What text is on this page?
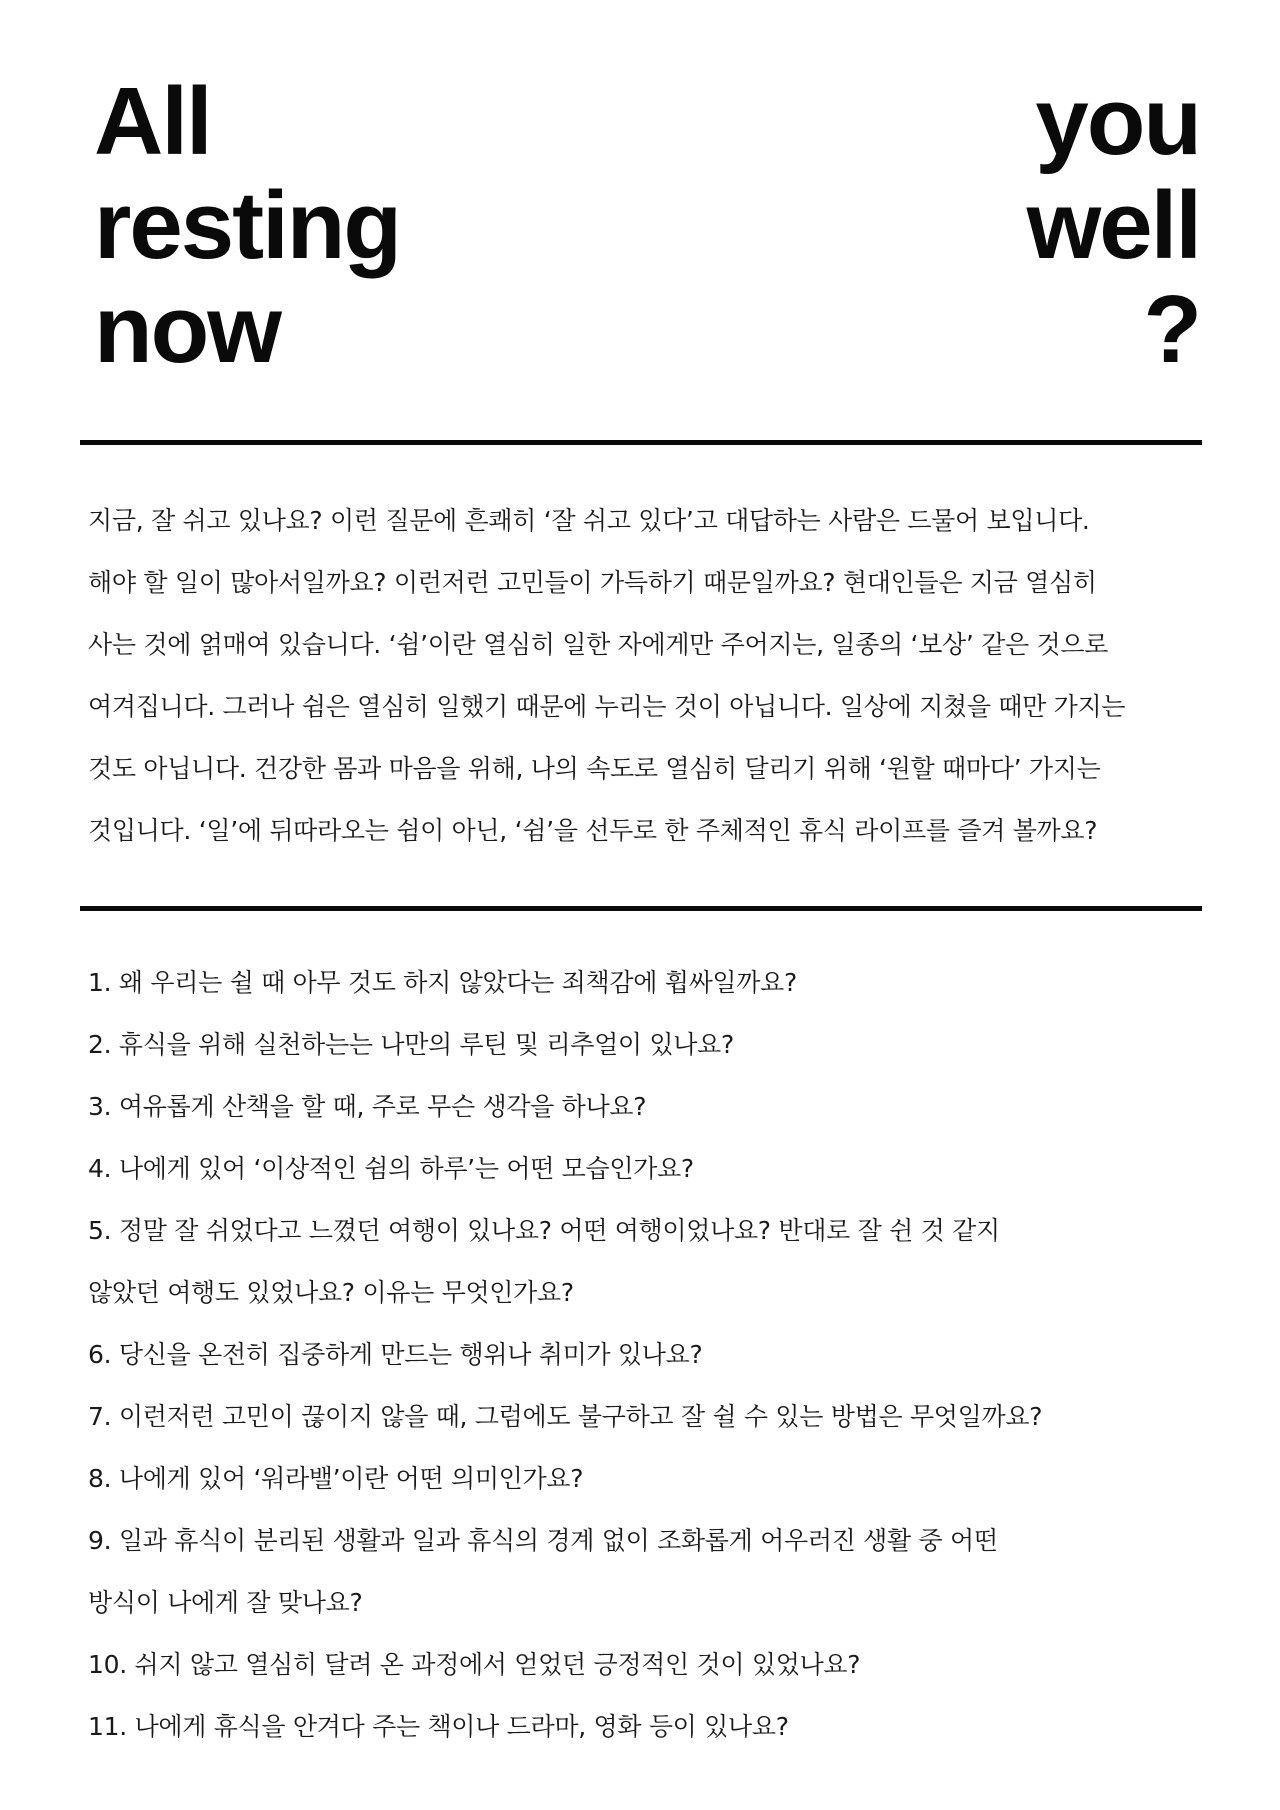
All
resting
now
you
well
?
지금, 잘 쉬고 있나요? 이런 질문에 흔쾌히 ‘잘 쉬고 있다’고 대답하는 사람은 드물어 보입니다.
해야 할 일이 많아서일까요? 이런저런 고민들이 가득하기 때문일까요? 현대인들은 지금 열심히
사는 것에 얽매여 있습니다. ‘쉼’이란 열심히 일한 자에게만 주어지는, 일종의 ‘보상’ 같은 것으로
여겨집니다. 그러나 쉼은 열심히 일했기 때문에 누리는 것이 아닙니다. 일상에 지쳤을 때만 가지는
것도 아닙니다. 건강한 몸과 마음을 위해, 나의 속도로 열심히 달리기 위해 ‘원할 때마다’ 가지는
것입니다. ‘일’에 뒤따라오는 쉼이 아닌, ‘쉼’을 선두로 한 주체적인 휴식 라이프를 즐겨 볼까요?
1. 왜 우리는 쉴 때 아무 것도 하지 않았다는 죄책감에 휩싸일까요?
2. 휴식을 위해 실천하는는 나만의 루틴 및 리추얼이 있나요?
3. 여유롭게 산책을 할 때, 주로 무슨 생각을 하나요?
4. 나에게 있어 ‘이상적인 쉼의 하루’는 어떤 모습인가요?
5. 정말 잘 쉬었다고 느꼈던 여행이 있나요? 어떤 여행이었나요? 반대로 잘 쉰 것 같지
않았던 여행도 있었나요? 이유는 무엇인가요?
6. 당신을 온전히 집중하게 만드는 행위나 취미가 있나요?
7. 이런저런 고민이 끊이지 않을 때, 그럼에도 불구하고 잘 쉴 수 있는 방법은 무엇일까요?
8. 나에게 있어 ‘워라밸’이란 어떤 의미인가요?
9. 일과 휴식이 분리된 생활과 일과 휴식의 경계 없이 조화롭게 어우러진 생활 중 어떤
방식이 나에게 잘 맞나요?
10. 쉬지 않고 열심히 달려 온 과정에서 얻었던 긍정적인 것이 있었나요?
11. 나에게 휴식을 안겨다 주는 책이나 드라마, 영화 등이 있나요?
